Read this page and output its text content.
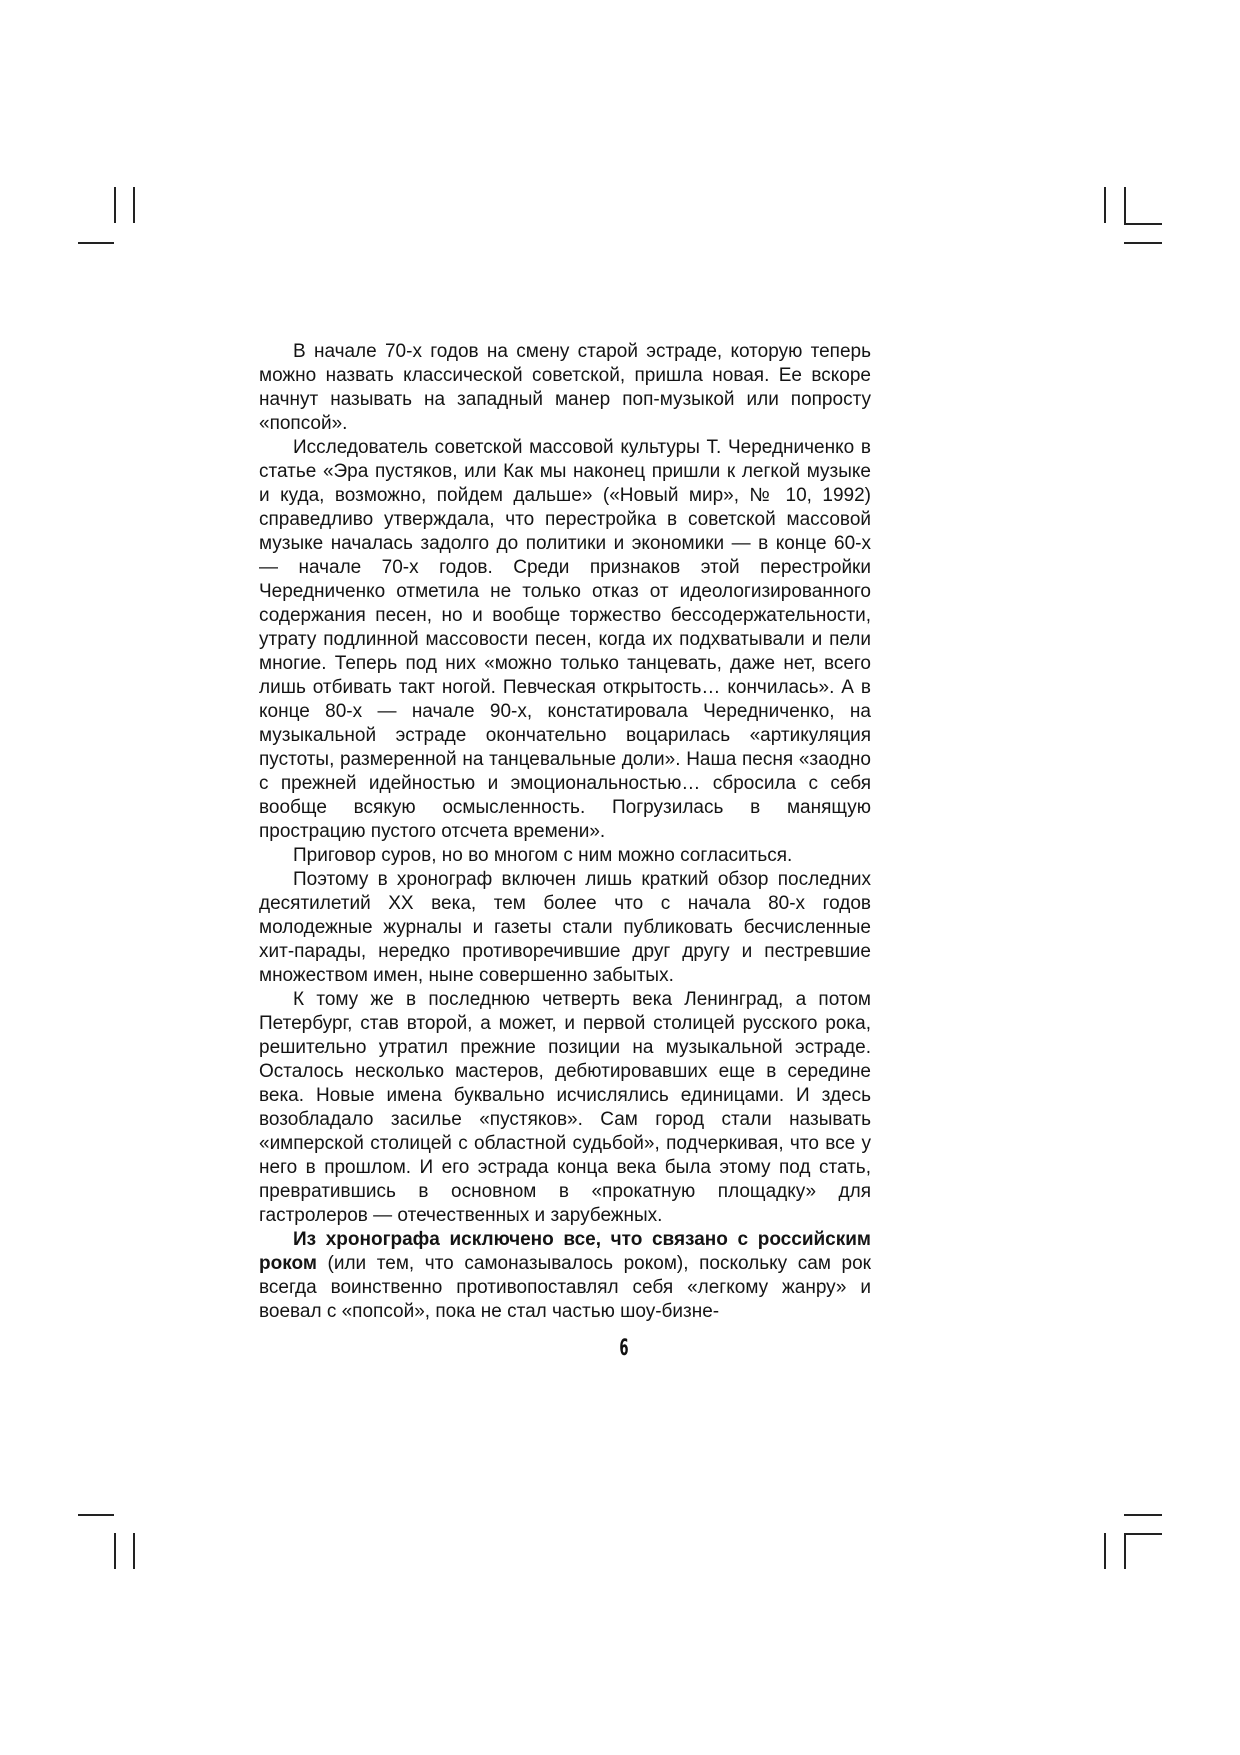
В начале 70-х годов на смену старой эстраде, которую теперь можно назвать классической советской, пришла новая. Ее вскоре начнут называть на западный манер поп-музыкой или попросту «попсой».

Исследователь советской массовой культуры Т. Чередниченко в статье «Эра пустяков, или Как мы наконец пришли к легкой музыке и куда, возможно, пойдем дальше» («Новый мир», № 10, 1992) справедливо утверждала, что перестройка в советской массовой музыке началась задолго до политики и экономики — в конце 60-х — начале 70-х годов. Среди признаков этой перестройки Чередниченко отметила не только отказ от идеологизированного содержания песен, но и вообще торжество бессодержательности, утрату подлинной массовости песен, когда их подхватывали и пели многие. Теперь под них «можно только танцевать, даже нет, всего лишь отбивать такт ногой. Певческая открытость… кончилась». А в конце 80-х — начале 90-х, констатировала Чередниченко, на музыкальной эстраде окончательно воцарилась «артикуляция пустоты, размеренной на танцевальные доли». Наша песня «заодно с прежней идейностью и эмоциональностью… сбросила с себя вообще всякую осмысленность. Погрузилась в манящую прострацию пустого отсчета времени».

Приговор суров, но во многом с ним можно согласиться.

Поэтому в хронограф включен лишь краткий обзор последних десятилетий XX века, тем более что с начала 80-х годов молодежные журналы и газеты стали публиковать бесчисленные хит-парады, нередко противоречившие друг другу и пестревшие множеством имен, ныне совершенно забытых.

К тому же в последнюю четверть века Ленинград, а потом Петербург, став второй, а может, и первой столицей русского рока, решительно утратил прежние позиции на музыкальной эстраде. Осталось несколько мастеров, дебютировавших еще в середине века. Новые имена буквально исчислялись единицами. И здесь возобладало засилье «пустяков». Сам город стали называть «имперской столицей с областной судьбой», подчеркивая, что все у него в прошлом. И его эстрада конца века была этому под стать, превратившись в основном в «прокатную площадку» для гастролеров — отечественных и зарубежных.

Из хронографа исключено все, что связано с российским роком (или тем, что самоназывалось роком), поскольку сам рок всегда воинственно противопоставлял себя «легкому жанру» и воевал с «попсой», пока не стал частью шоу-бизне-

6
